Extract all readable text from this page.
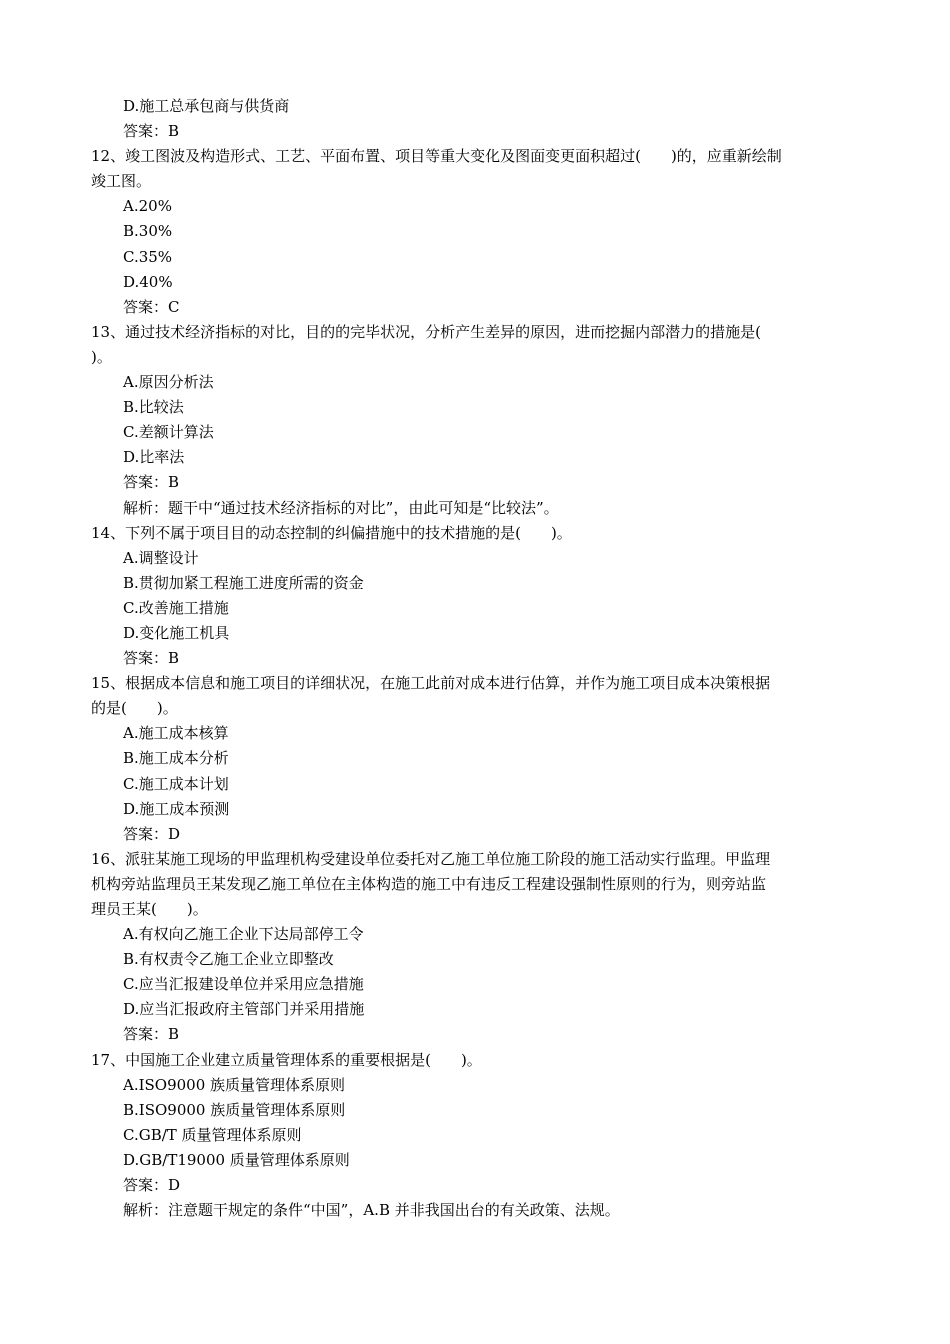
D.施工总承包商与供货商
答案：B
12、竣工图波及构造形式、工艺、平面布置、项目等重大变化及图面变更面积超过(　　)的，应重新绘制
竣工图。
A.20%
B.30%
C.35%
D.40%
答案：C
13、通过技术经济指标的对比，目的的完毕状况，分析产生差异的原因，进而挖掘内部潜力的措施是(
)。
A.原因分析法
B.比较法
C.差额计算法
D.比率法
答案：B
解析：题干中“通过技术经济指标的对比”，由此可知是“比较法”。
14、下列不属于项目目的动态控制的纠偏措施中的技术措施的是(　　)。
A.调整设计
B.贯彻加紧工程施工进度所需的资金
C.改善施工措施
D.变化施工机具
答案：B
15、根据成本信息和施工项目的详细状况，在施工此前对成本进行估算，并作为施工项目成本决策根据
的是(　　)。
A.施工成本核算
B.施工成本分析
C.施工成本计划
D.施工成本预测
答案：D
16、派驻某施工现场的甲监理机构受建设单位委托对乙施工单位施工阶段的施工活动实行监理。甲监理
机构旁站监理员王某发现乙施工单位在主体构造的施工中有违反工程建设强制性原则的行为，则旁站监
理员王某(　　)。
A.有权向乙施工企业下达局部停工令
B.有权责令乙施工企业立即整改
C.应当汇报建设单位并采用应急措施
D.应当汇报政府主管部门并采用措施
答案：B
17、中国施工企业建立质量管理体系的重要根据是(　　)。
A.ISO9000 族质量管理体系原则
B.ISO9000 族质量管理体系原则
C.GB/T 质量管理体系原则
D.GB/T19000 质量管理体系原则
答案：D
解析：注意题干规定的条件“中国”，A.B 并非我国出台的有关政策、法规。
